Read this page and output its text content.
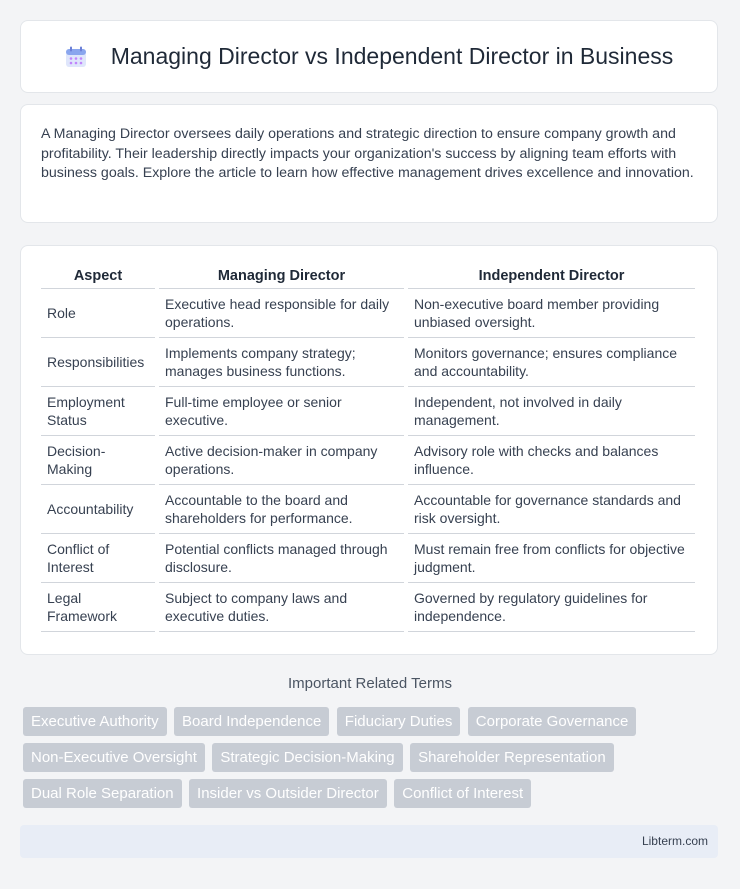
Managing Director vs Independent Director in Business

A Managing Director oversees daily operations and strategic direction to ensure company growth and profitability. Their leadership directly impacts your organization's success by aligning team efforts with business goals. Explore the article to learn how effective management drives excellence and innovation.

Aspect	Managing Director	Independent Director
Role	Executive head responsible for daily operations.	Non-executive board member providing unbiased oversight.
Responsibilities	Implements company strategy; manages business functions.	Monitors governance; ensures compliance and accountability.
Employment Status	Full-time employee or senior executive.	Independent, not involved in daily management.
Decision-Making	Active decision-maker in company operations.	Advisory role with checks and balances influence.
Accountability	Accountable to the board and shareholders for performance.	Accountable for governance standards and risk oversight.
Conflict of Interest	Potential conflicts managed through disclosure.	Must remain free from conflicts for objective judgment.
Legal Framework	Subject to company laws and executive duties.	Governed by regulatory guidelines for independence.
Important Related Terms
Executive Authority Board Independence Fiduciary Duties Corporate Governance Non-Executive Oversight Strategic Decision-Making Shareholder Representation Dual Role Separation Insider vs Outsider Director Conflict of Interest
Libterm.com
